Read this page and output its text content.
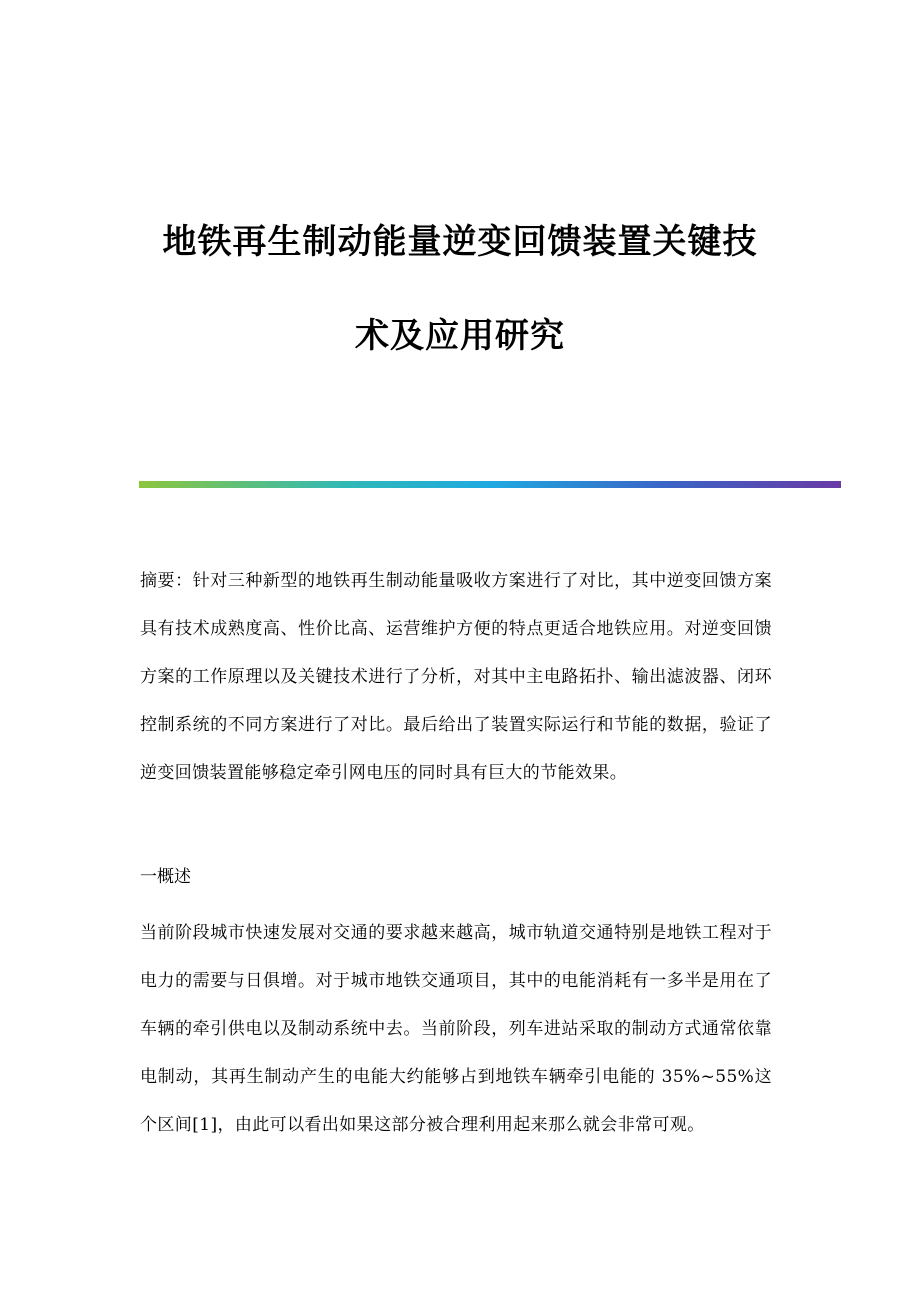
地铁再生制动能量逆变回馈装置关键技
术及应用研究

摘要：针对三种新型的地铁再生制动能量吸收方案进行了对比，其中逆变回馈方案具有技术成熟度高、性价比高、运营维护方便的特点更适合地铁应用。对逆变回馈方案的工作原理以及关键技术进行了分析，对其中主电路拓扑、输出滤波器、闭环控制系统的不同方案进行了对比。最后给出了装置实际运行和节能的数据，验证了逆变回馈装置能够稳定牵引网电压的同时具有巨大的节能效果。

一概述

当前阶段城市快速发展对交通的要求越来越高，城市轨道交通特别是地铁工程对于电力的需要与日俱增。对于城市地铁交通项目，其中的电能消耗有一多半是用在了车辆的牵引供电以及制动系统中去。当前阶段，列车进站采取的制动方式通常依靠电制动，其再生制动产生的电能大约能够占到地铁车辆牵引电能的 35%~55%这个区间[1]，由此可以看出如果这部分被合理利用起来那么就会非常可观。
